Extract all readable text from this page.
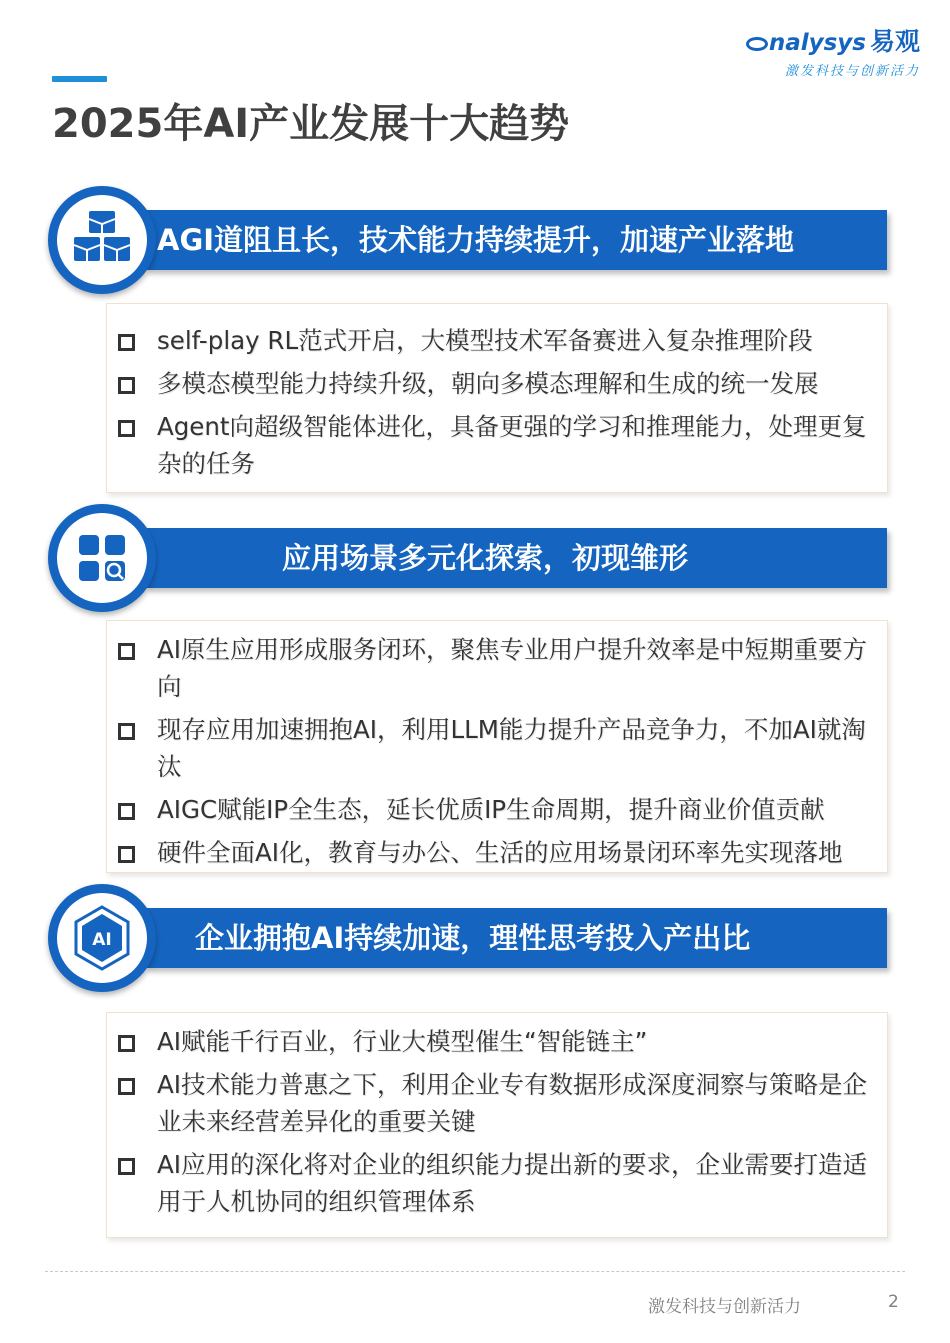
nalysys 易观
激发科技与创新活力
2025年AI产业发展十大趋势
AGI道阻且长，技术能力持续提升，加速产业落地
self-play RL范式开启，大模型技术军备赛进入复杂推理阶段
多模态模型能力持续升级，朝向多模态理解和生成的统一发展
Agent向超级智能体进化，具备更强的学习和推理能力，处理更复杂的任务
应用场景多元化探索，初现雏形
AI原生应用形成服务闭环，聚焦专业用户提升效率是中短期重要方向
现存应用加速拥抱AI，利用LLM能力提升产品竞争力，不加AI就淘汰
AIGC赋能IP全生态，延长优质IP生命周期，提升商业价值贡献
硬件全面AI化，教育与办公、生活的应用场景闭环率先实现落地
企业拥抱AI持续加速，理性思考投入产出比
AI
AI赋能千行百业，行业大模型催生“智能链主”
AI技术能力普惠之下，利用企业专有数据形成深度洞察与策略是企业未来经营差异化的重要关键
AI应用的深化将对企业的组织能力提出新的要求，企业需要打造适用于人机协同的组织管理体系
激发科技与创新活力	2
